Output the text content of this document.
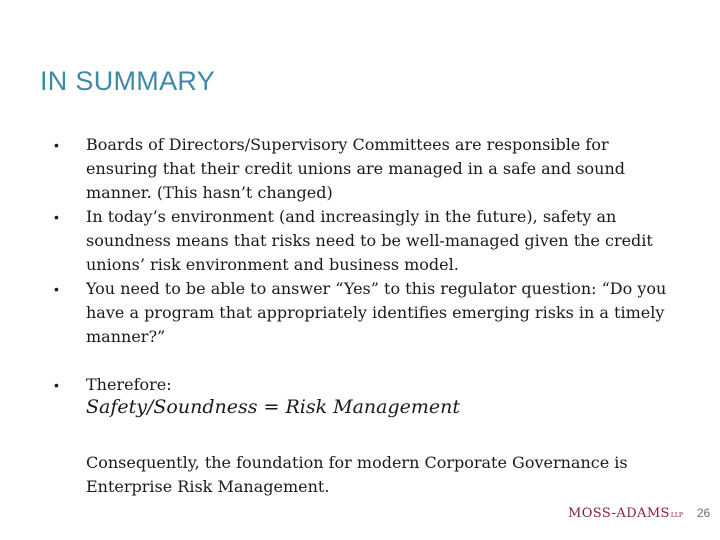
IN SUMMARY
• Boards of Directors/Supervisory Committees are responsible for ensuring that their credit unions are managed in a safe and sound manner. (This hasn’t changed)
• In today’s environment (and increasingly in the future), safety an soundness means that risks need to be well-managed given the credit unions’ risk environment and business model.
• You need to be able to answer “Yes” to this regulator question: “Do you have a program that appropriately identifies emerging risks in a timely manner?”
• Therefore:
Safety/Soundness = Risk Management
Consequently, the foundation for modern Corporate Governance is Enterprise Risk Management.
MOSS-ADAMS LLP 26
